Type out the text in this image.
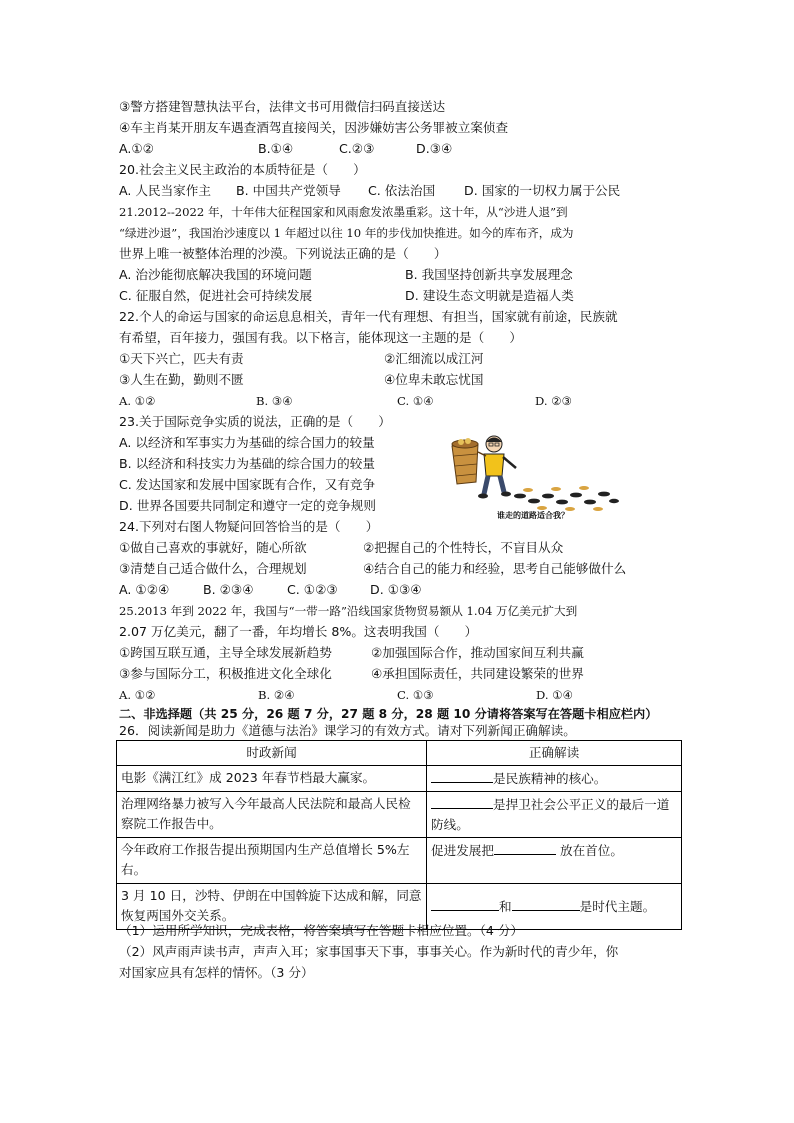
③警方搭建智慧执法平台，法律文书可用微信扫码直接送达
④车主肖某开朋友车遇查酒驾直接闯关，因涉嫌妨害公务罪被立案侦查
A.①②	B.①④	C.②③	D.③④
20.社会主义民主政治的本质特征是（　　）
A. 人民当家作主 B. 中国共产党领导 C. 依法治国 D. 国家的一切权力属于公民
21.2012--2022 年，十年伟大征程国家和风雨愈发浓墨重彩。这十年，从“沙进人退”到
“绿进沙退”，我国治沙速度以 1 年超过以往 10 年的步伐加快推进。如今的库布齐，成为
世界上唯一被整体治理的沙漠。下列说法正确的是（　　）
A. 治沙能彻底解决我国的环境问题	B. 我国坚持创新共享发展理念
C. 征服自然，促进社会可持续发展	D. 建设生态文明就是造福人类
22.个人的命运与国家的命运息息相关，青年一代有理想、有担当，国家就有前途，民族就
有希望，百年接力，强国有我。以下格言，能体现这一主题的是（　　）
①天下兴亡，匹夫有责	②汇细流以成江河
③人生在勤，勤则不匮	④位卑未敢忘忧国
A. ①②	B. ③④	C. ①④	D. ②③
23.关于国际竞争实质的说法，正确的是（　　）
A. 以经济和军事实力为基础的综合国力的较量
B. 以经济和科技实力为基础的综合国力的较量
C. 发达国家和发展中国家既有合作，又有竞争
D. 世界各国要共同制定和遵守一定的竞争规则
谁走的道路适合我？
24.下列对右图人物疑问回答恰当的是（　　）
①做自己喜欢的事就好，随心所欲	②把握自己的个性特长，不盲目从众
③清楚自己适合做什么，合理规划	④结合自己的能力和经验，思考自己能够做什么
A. ①②④	B. ②③④	C. ①②③	D. ①③④
25.2013 年到 2022 年，我国与“一带一路”沿线国家货物贸易额从 1.04 万亿美元扩大到
2.07 万亿美元，翻了一番，年均增长 8%。这表明我国（　　）
①跨国互联互通，主导全球发展新趋势	②加强国际合作，推动国家间互利共赢
③参与国际分工，积极推进文化全球化	④承担国际责任，共同建设繁荣的世界
A. ①②	B. ②④	C. ①③	D. ①④
二、非选择题（共 25 分，26 题 7 分，27 题 8 分，28 题 10 分请将答案写在答题卡相应栏内）
26．阅读新闻是助力《道德与法治》课学习的有效方式。请对下列新闻正确解读。
时政新闻	正确解读
电影《满江红》成 2023 年春节档最大赢家。	是民族精神的核心。
治理网络暴力被写入今年最高人民法院和最高人民检察院工作报告中。	是捍卫社会公平正义的最后一道防线。
今年政府工作报告提出预期国内生产总值增长 5%左右。	促进发展把 放在首位。
3 月 10 日，沙特、伊朗在中国斡旋下达成和解，同意恢复两国外交关系。	和 是时代主题。
（1）运用所学知识，完成表格，将答案填写在答题卡相应位置。（4 分）
（2）风声雨声读书声，声声入耳；家事国事天下事，事事关心。作为新时代的青少年，你
对国家应具有怎样的情怀。（3 分）
